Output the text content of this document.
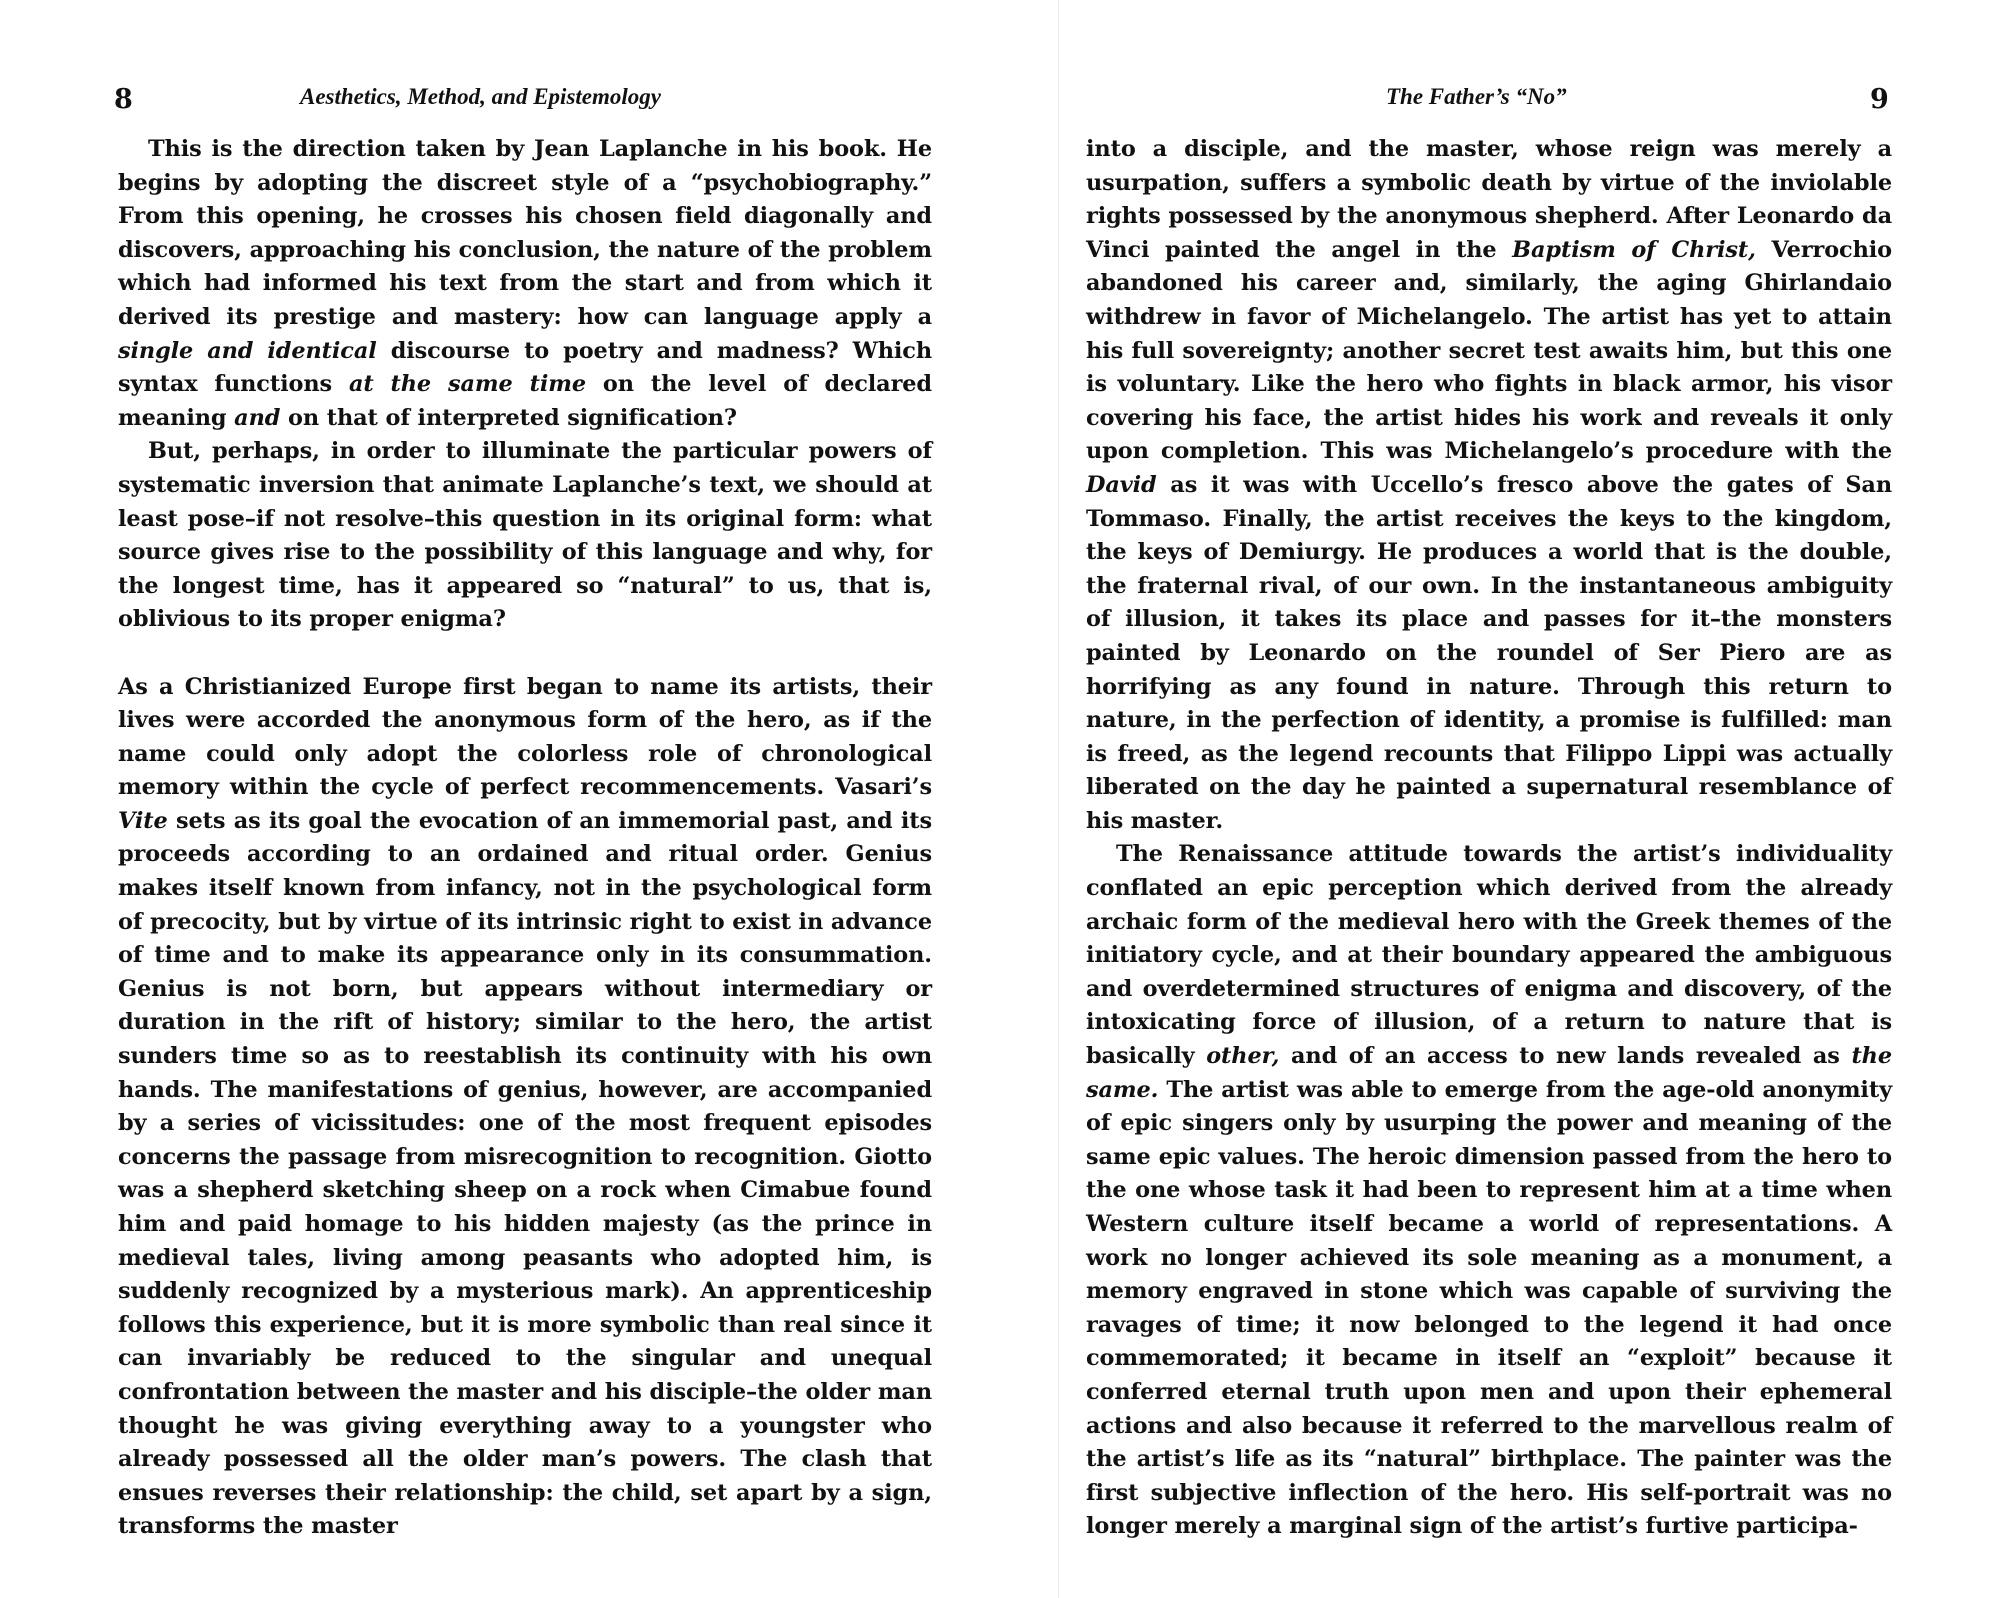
8	Aesthetics, Method, and Epistemology

This is the direction taken by Jean Laplanche in his book. He begins by adopting the discreet style of a “psychobiography.” From this opening, he crosses his chosen field diagonally and discovers, approaching his conclusion, the nature of the problem which had informed his text from the start and from which it derived its prestige and mastery: how can language apply a single and identical discourse to poetry and madness? Which syntax functions at the same time on the level of declared meaning and on that of interpreted signification?

But, perhaps, in order to illuminate the particular powers of systematic inversion that animate Laplanche’s text, we should at least pose–if not resolve–this question in its original form: what source gives rise to the possibility of this language and why, for the longest time, has it appeared so “natural” to us, that is, oblivious to its proper enigma?

As a Christianized Europe first began to name its artists, their lives were accorded the anonymous form of the hero, as if the name could only adopt the colorless role of chronological memory within the cycle of perfect recommencements. Vasari’s Vite sets as its goal the evocation of an immemorial past, and its proceeds according to an ordained and ritual order. Genius makes itself known from infancy, not in the psychological form of precocity, but by virtue of its intrinsic right to exist in advance of time and to make its appearance only in its consummation. Genius is not born, but appears without intermediary or duration in the rift of history; similar to the hero, the artist sunders time so as to reestablish its continuity with his own hands. The manifestations of genius, however, are accompanied by a series of vicissitudes: one of the most frequent episodes concerns the passage from misrecognition to recognition. Giotto was a shepherd sketching sheep on a rock when Cimabue found him and paid homage to his hidden majesty (as the prince in medieval tales, living among peasants who adopted him, is suddenly recognized by a mysterious mark). An apprenticeship follows this experience, but it is more symbolic than real since it can invariably be reduced to the singular and unequal confrontation between the master and his disciple–the older man thought he was giving everything away to a youngster who already possessed all the older man’s powers. The clash that ensues reverses their relationship: the child, set apart by a sign, transforms the master

The Father’s “No”	9

into a disciple, and the master, whose reign was merely a usurpation, suffers a symbolic death by virtue of the inviolable rights possessed by the anonymous shepherd. After Leonardo da Vinci painted the angel in the Baptism of Christ, Verrochio abandoned his career and, similarly, the aging Ghirlandaio withdrew in favor of Michelangelo. The artist has yet to attain his full sovereignty; another secret test awaits him, but this one is voluntary. Like the hero who fights in black armor, his visor covering his face, the artist hides his work and reveals it only upon completion. This was Michelangelo’s procedure with the David as it was with Uccello’s fresco above the gates of San Tommaso. Finally, the artist receives the keys to the kingdom, the keys of Demiurgy. He produces a world that is the double, the fraternal rival, of our own. In the instantaneous ambiguity of illusion, it takes its place and passes for it–the monsters painted by Leonardo on the roundel of Ser Piero are as horrifying as any found in nature. Through this return to nature, in the perfection of identity, a promise is fulfilled: man is freed, as the legend recounts that Filippo Lippi was actually liberated on the day he painted a supernatural resemblance of his master.

The Renaissance attitude towards the artist’s individuality conflated an epic perception which derived from the already archaic form of the medieval hero with the Greek themes of the initiatory cycle, and at their boundary appeared the ambiguous and overdetermined structures of enigma and discovery, of the intoxicating force of illusion, of a return to nature that is basically other, and of an access to new lands revealed as the same. The artist was able to emerge from the age-old anonymity of epic singers only by usurping the power and meaning of the same epic values. The heroic dimension passed from the hero to the one whose task it had been to represent him at a time when Western culture itself became a world of representations. A work no longer achieved its sole meaning as a monument, a memory engraved in stone which was capable of surviving the ravages of time; it now belonged to the legend it had once commemorated; it became in itself an “exploit” because it conferred eternal truth upon men and upon their ephemeral actions and also because it referred to the marvellous realm of the artist’s life as its “natural” birthplace. The painter was the first subjective inflection of the hero. His self-portrait was no longer merely a marginal sign of the artist’s furtive participa-
